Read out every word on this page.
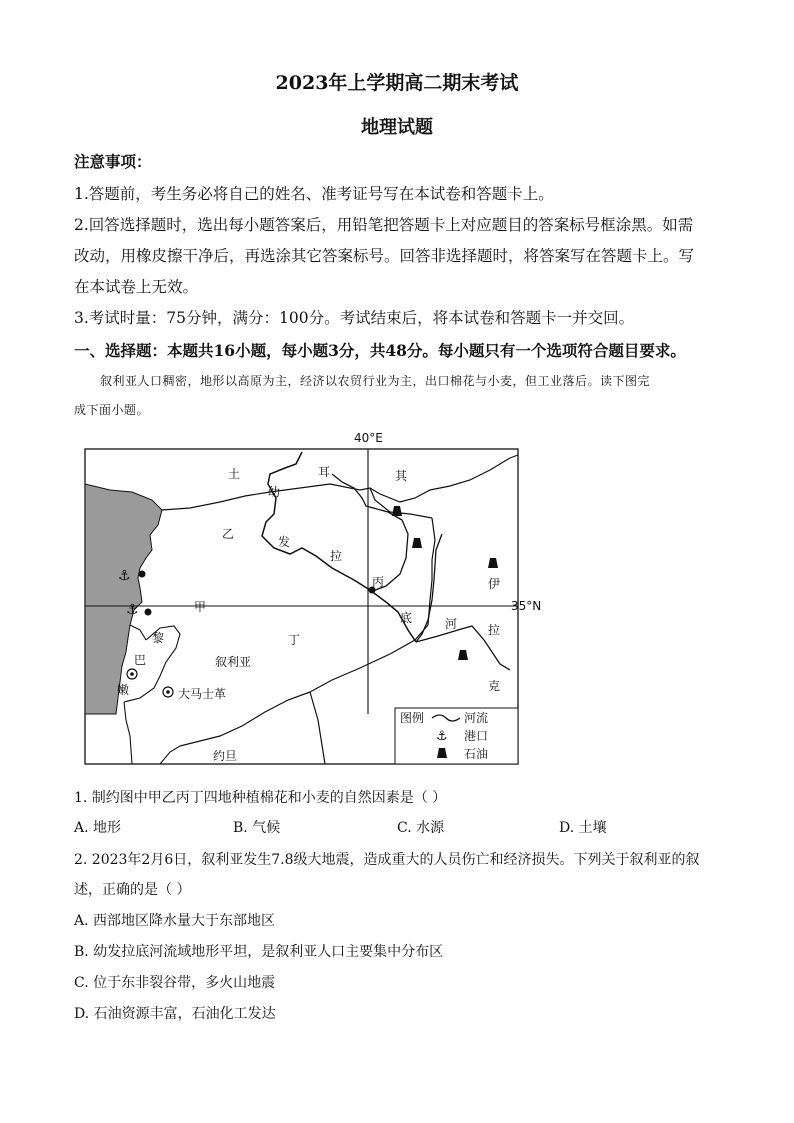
2023年上学期高二期末考试
地理试题
注意事项：
1.答题前，考生务必将自己的姓名、准考证号写在本试卷和答题卡上。
2.回答选择题时，选出每小题答案后，用铅笔把答题卡上对应题目的答案标号框涂黑。如需
改动，用橡皮擦干净后，再选涂其它答案标号。回答非选择题时，将答案写在答题卡上。写
在本试卷上无效。
3.考试时量：75分钟，满分：100分。考试结束后，将本试卷和答题卡一并交回。
一、选择题：本题共16小题，每小题3分，共48分。每小题只有一个选项符合题目要求。
叙利亚人口稠密，地形以高原为主，经济以农贸行业为主，出口棉花与小麦，但工业落后。读下图完
成下面小题。
40°E
35°N
⚓
⚓
土	耳	其
幼
乙
发
拉
丙
甲
底
伊
河	拉
丁
黎
巴	叙利亚
大马士革
嫩	克
约旦
图例	河流
⚓ 港口
石油
1. 制约图中甲乙丙丁四地种植棉花和小麦的自然因素是（ ）
A. 地形	B. 气候	C. 水源	D. 土壤
2. 2023年2月6日，叙利亚发生7.8级大地震，造成重大的人员伤亡和经济损失。下列关于叙利亚的叙
述，正确的是（ ）
A. 西部地区降水量大于东部地区
B. 幼发拉底河流域地形平坦，是叙利亚人口主要集中分布区
C. 位于东非裂谷带，多火山地震
D. 石油资源丰富，石油化工发达
